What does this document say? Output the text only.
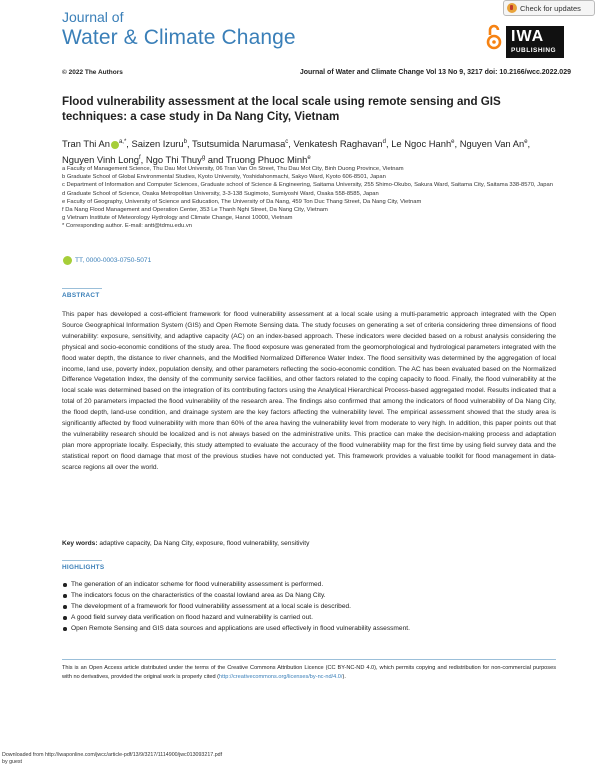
Journal of
Water & Climate Change
Check for updates
IWA
PUBLISHING
© 2022 The Authors	Journal of Water and Climate Change Vol 13 No 9, 3217 doi: 10.2166/wcc.2022.029
Flood vulnerability assessment at the local scale using remote sensing and GIS techniques: a case study in Da Nang City, Vietnam
Tran Thi An $^{a,*}$, Saizen Izuru$^b$, Tsutsumida Narumasa$^c$, Venkatesh Raghavan$^d$, Le Ngoc Hanh$^e$, Nguyen Van An$^e$, Nguyen Vinh Long$^f$, Ngo Thi Thuy$^g$ and Truong Phuoc Minh$^e$
a Faculty of Management Science, Thu Dau Mot University, 06 Tran Van On Street, Thu Dau Mot City, Binh Duong Province, Vietnam
b Graduate School of Global Environmental Studies, Kyoto University, Yoshidahonmachi, Sakyo Ward, Kyoto 606-8501, Japan
c Department of Information and Computer Sciences, Graduate school of Science & Engineering, Saitama University, 255 Shimo-Okubo, Sakura Ward, Saitama City, Saitama 338-8570, Japan
d Graduate School of Science, Osaka Metropolitan University, 3-3-138 Sugimoto, Sumiyoshi Ward, Osaka 558-8585, Japan
e Faculty of Geography, University of Science and Education, The University of Da Nang, 459 Ton Duc Thang Street, Da Nang City, Vietnam
f Da Nang Flood Management and Operation Center, 353 Le Thanh Nghi Street, Da Nang City, Vietnam
g Vietnam Institute of Meteorology Hydrology and Climate Change, Hanoi 10000, Vietnam
* Corresponding author. E-mail: antt@tdmu.edu.vn
TT, 0000-0003-0750-5071
ABSTRACT
This paper has developed a cost-efficient framework for flood vulnerability assessment at a local scale using a multi-parametric approach integrated with the Open Source Geographical Information System (GIS) and Open Remote Sensing data. The study focuses on generating a set of criteria considering three dimensions of flood vulnerability: exposure, sensitivity, and adaptive capacity (AC) on an index-based approach. These indicators were decided based on a robust analysis considering the physical and socio-economic conditions of the study area. The flood exposure was generated from the geomorphological and hydrological parameters integrated with the flood water depth, the distance to river channels, and the Modified Normalized Difference Water Index. The flood sensitivity was determined by the aggregation of local income, land use, poverty index, population density, and other parameters reflecting the socio-economic condition. The AC has been evaluated based on the Normalized Difference Vegetation Index, the density of the community service facilities, and other factors related to the coping capacity to flood. Finally, the flood vulnerability at the local scale was determined based on the integration of its contributing factors using the Analytical Hierarchical Process-based aggregated model. Results indicated that a total of 20 parameters impacted the flood vulnerability of the research area. The findings also confirmed that among the indicators of flood vulnerability of Da Nang City, the flood depth, land-use condition, and drainage system are the key factors affecting the vulnerability level. The empirical assessment showed that the study area is significantly affected by flood vulnerability with more than 60% of the area having the vulnerability level from moderate to very high. In addition, this paper points out that the vulnerability research should be localized and is not always based on the administrative units. This practice can make the decision-making process and adaptation plan more appropriate locally. Especially, this study attempted to evaluate the accuracy of the flood vulnerability map for the first time by using field survey data and the statistical report on flood damage that most of the previous studies have not conducted yet. This framework provides a valuable toolkit for flood management in data-scarce regions all over the world.
Key words: adaptive capacity, Da Nang City, exposure, flood vulnerability, sensitivity
HIGHLIGHTS
The generation of an indicator scheme for flood vulnerability assessment is performed.
The indicators focus on the characteristics of the coastal lowland area as Da Nang City.
The development of a framework for flood vulnerability assessment at a local scale is described.
A good field survey data verification on flood hazard and vulnerability is carried out.
Open Remote Sensing and GIS data sources and applications are used effectively in flood vulnerability assessment.
This is an Open Access article distributed under the terms of the Creative Commons Attribution Licence (CC BY-NC-ND 4.0), which permits copying and redistribution for non-commercial purposes with no derivatives, provided the original work is properly cited (http://creativecommons.org/licenses/by-nc-nd/4.0/).
Downloaded from http://iwaponline.com/jwcc/article-pdf/13/9/3217/1114900/jwc013093217.pdf
by guest
